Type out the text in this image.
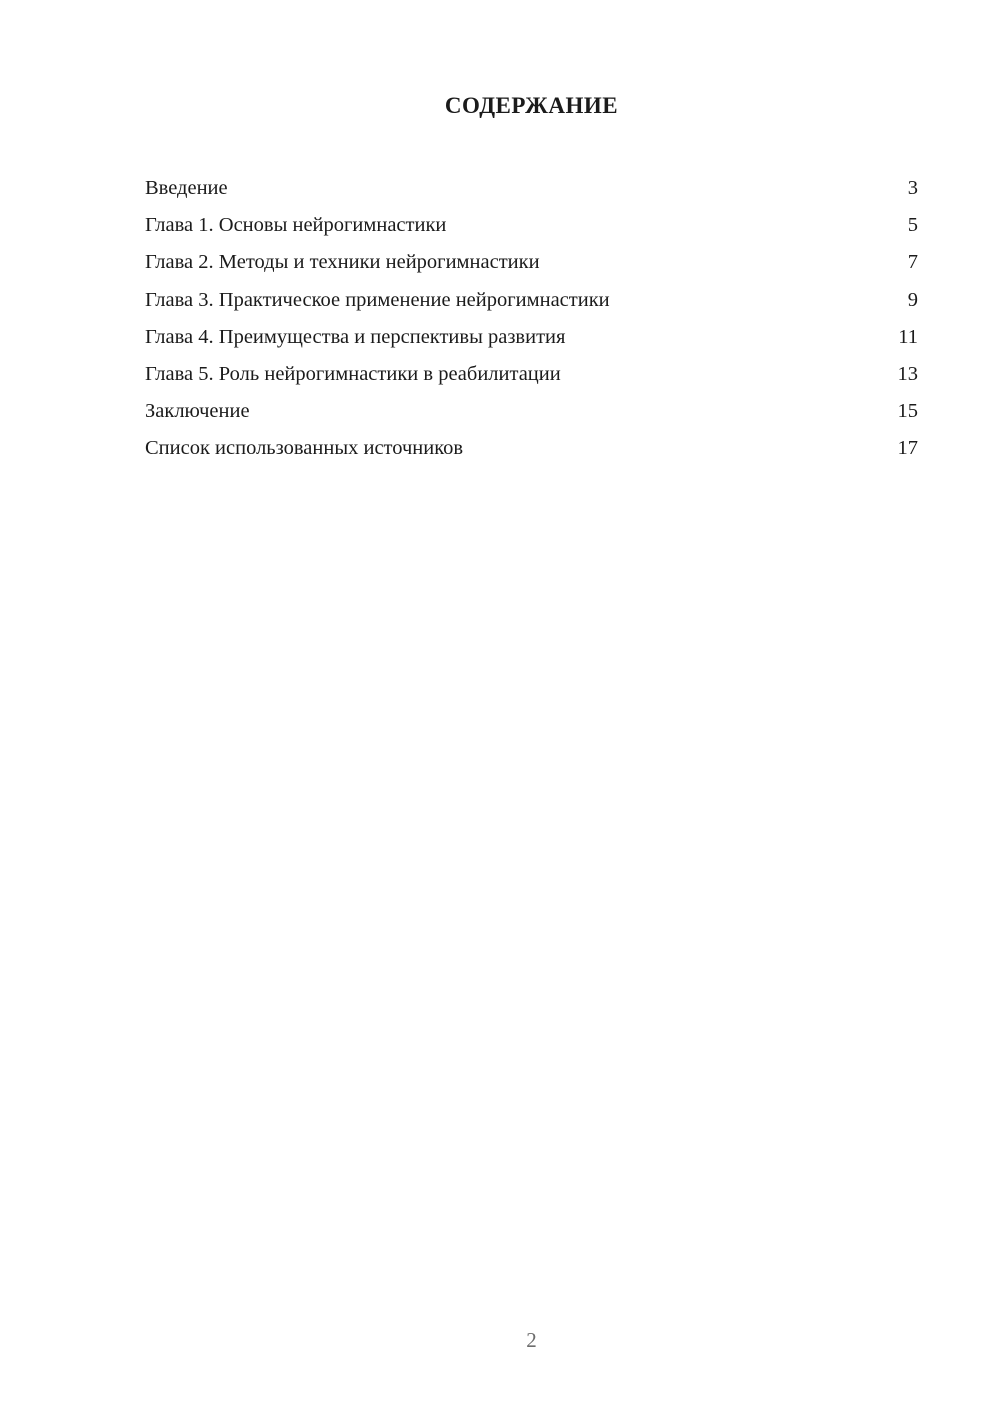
СОДЕРЖАНИЕ
Введение	3
Глава 1. Основы нейрогимнастики	5
Глава 2. Методы и техники нейрогимнастики	7
Глава 3. Практическое применение нейрогимнастики	9
Глава 4. Преимущества и перспективы развития	11
Глава 5. Роль нейрогимнастики в реабилитации	13
Заключение	15
Список использованных источников	17
2
